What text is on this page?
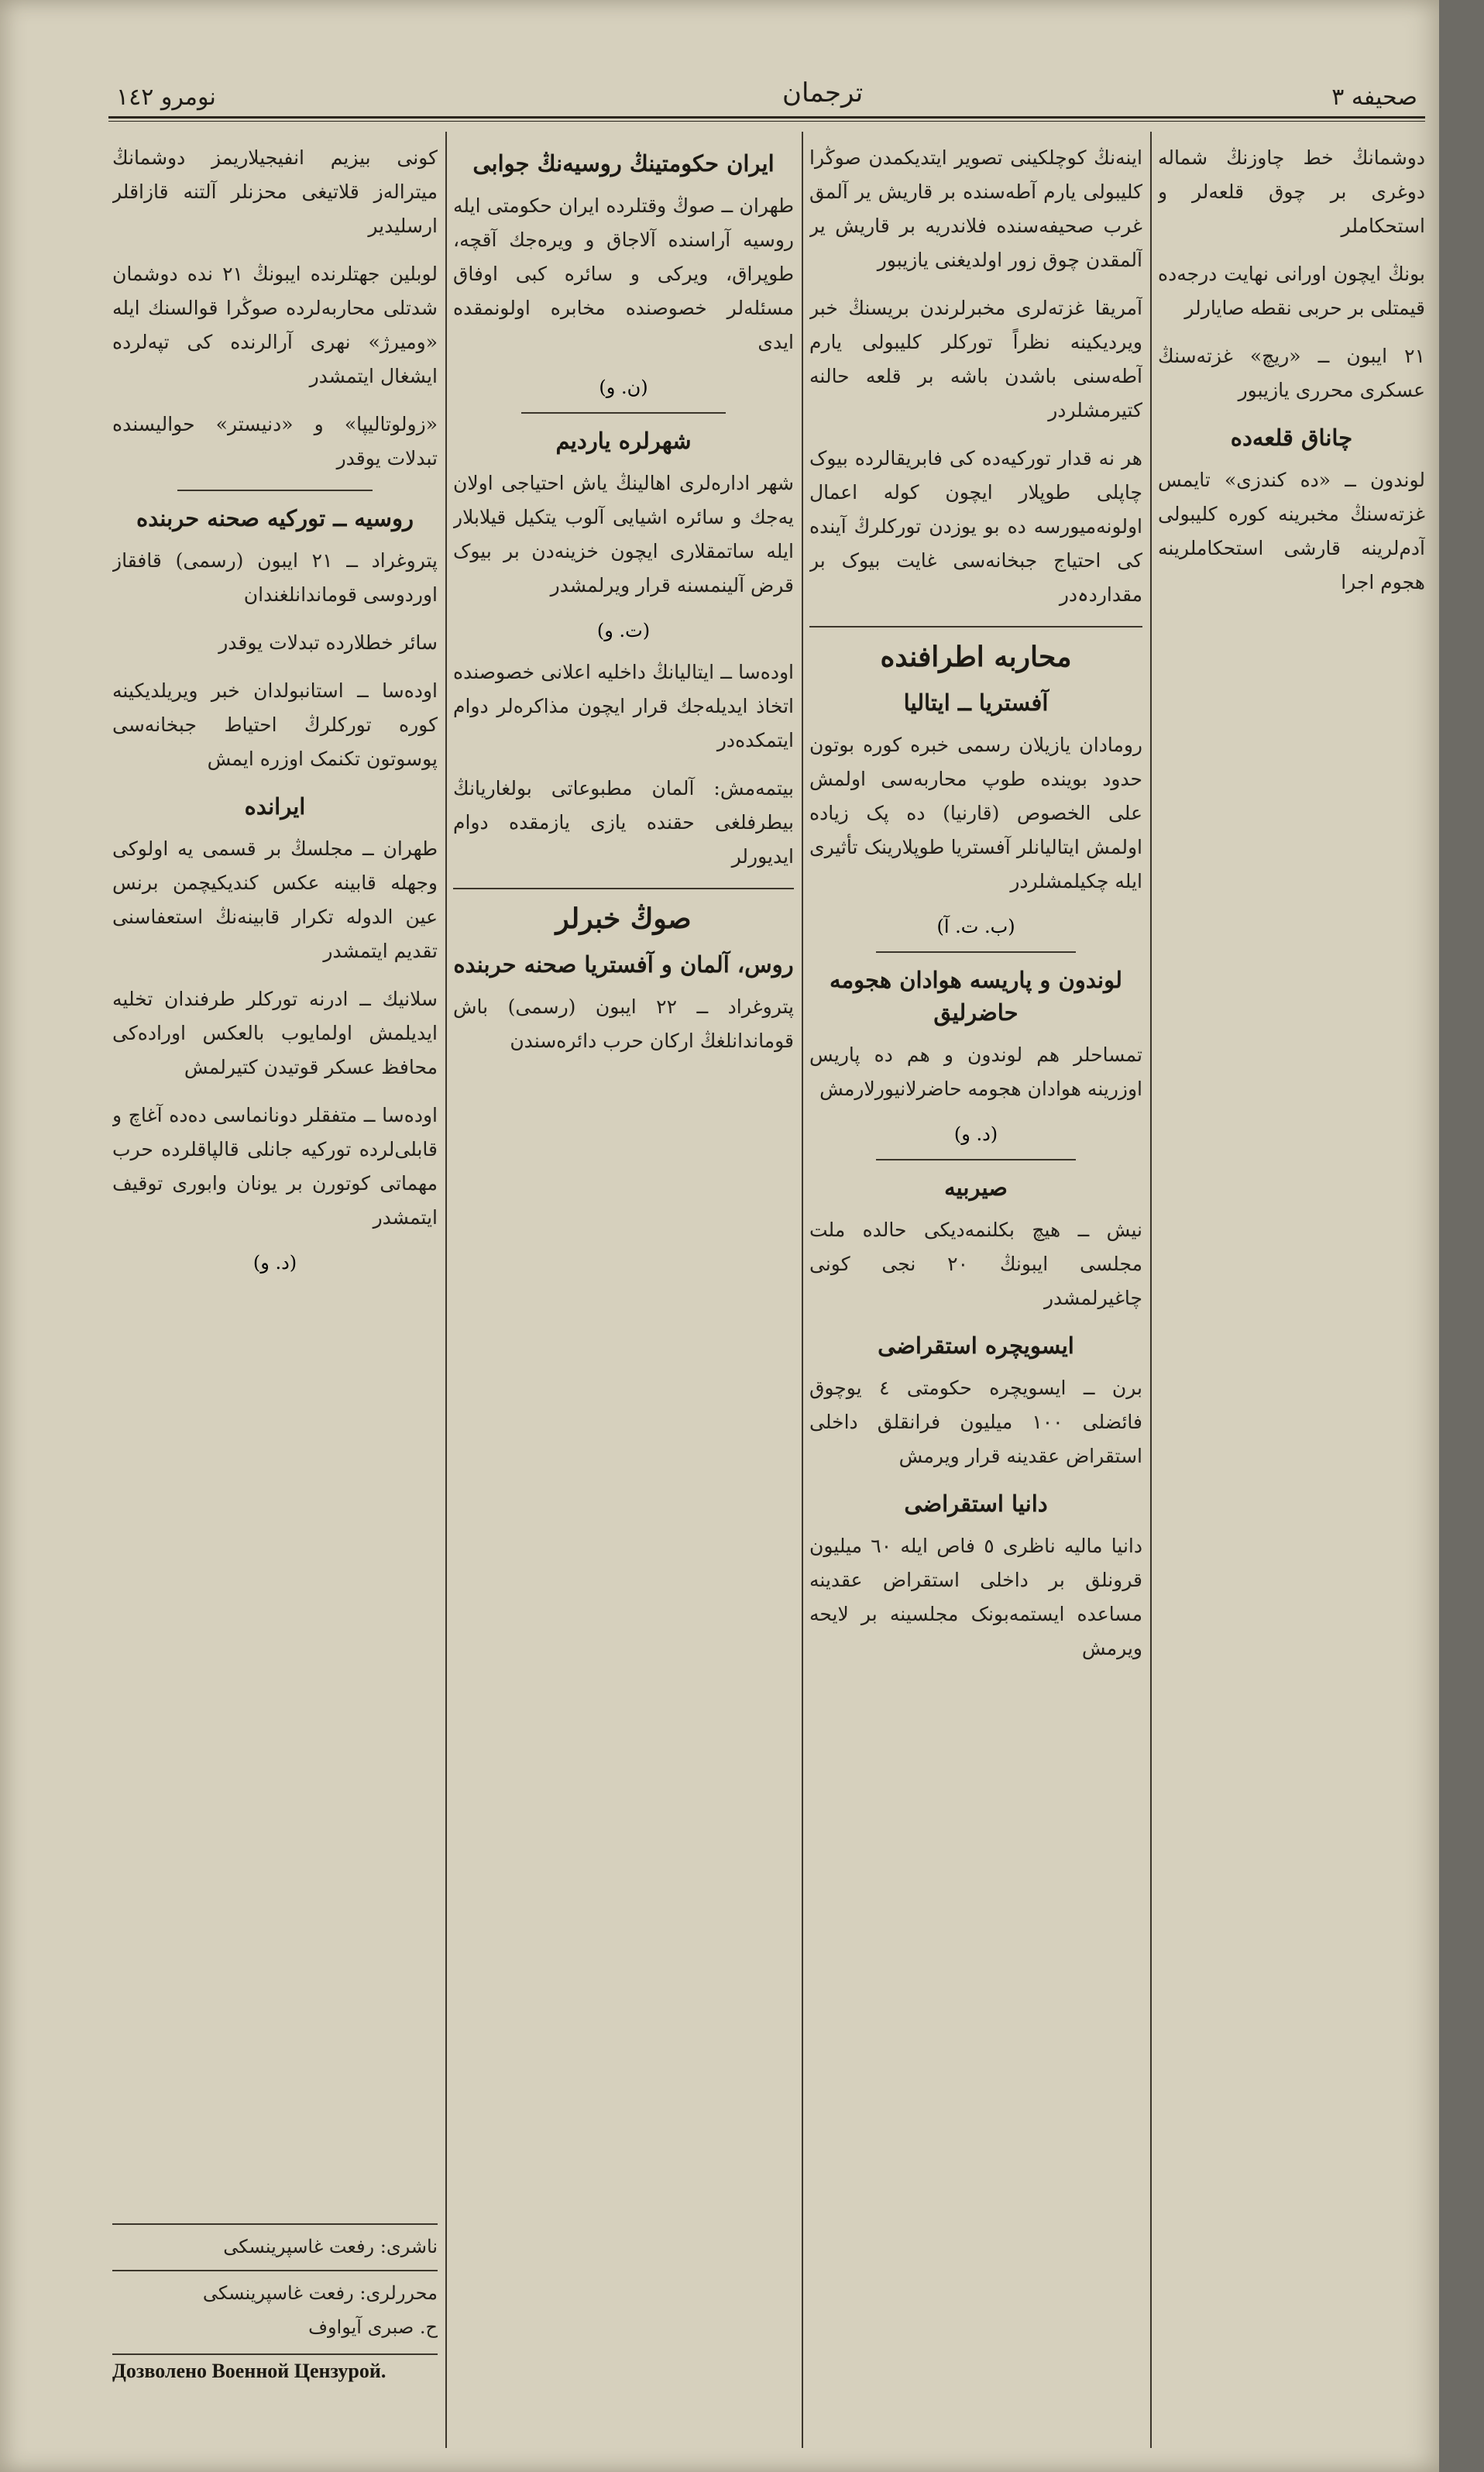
نومرو ١٤٢	ترجمان	صحیفه ۳

دوشمانڭ خط چاوزنڭ شماله دوغری بر چوق قلعه‌لر و استحکاملر

بونڭ ایچون اورانی نهایت درجه‌ده قیمتلی بر حربی نقطه صایارلر

۲۱ ایبون ــ «ریچ» غزته‌سنڭ عسکری محرری یازیبور

چاناق قلعه‌ده

لوندون ــ «ده کندزی» تایمس غزته‌سنڭ مخبرینه کوره کلیبولی آدم‌لرینه قارشی استحکاملرینه هجوم اجرا

اینه‌نڭ کوچلکینی تصویر ایتدیکمدن صوڭرا کلیبولی یارم آطه‌سنده بر قاریش یر آلمق غرب صحیفه‌سنده فلاندریه بر قاریش یر آلمقدن چوق زور اولدیغنی یازیبور

آمریقا غزته‌لری مخبرلرندن بریسنڭ خبر ویردیکینه نظراً تورکلر کلیبولی یارم آطه‌سنی باشدن باشه بر قلعه حالنه کتیرمشلردر

هر نه قدار تورکیه‌ده کی فابریقالرده بیوک چاپلی طوپلار ایچون کوله اعمال اولونه‌میورسه ده بو یوزدن تورکلرڭ آینده کی احتیاج جبخانه‌سی غایت بیوک بر مقداردہ‌در

محاربه اطرافنده
آفستریا ــ ایتالیا

رومادان یازیلان رسمی خبره کوره بوتون حدود بوینده طوپ محاربه‌سی اولمش علی الخصوص (قارنیا) ده پک زیاده اولمش ایتالیانلر آفستریا طوپلارینک تأثیری ایله چکیلمشلردر

(ب. ت. آ)
لوندون و پاریسه هوادان هجومه حاضرلیق

تمساحلر هم لوندون و هم ده پاریس اوزرینه هوادان هجومه حاضرلانیورلارمش

(د. و)
صیربیه

نیش ــ هیچ بکلنمه‌دیکی حالده ملت مجلسی ایبونڭ ۲۰ نجی کونی چاغیرلمشدر

ایسویچره استقراضی

برن ــ ایسویچره حکومتی ٤ یوچوق فائضلی ١٠٠ میلیون فرانقلق داخلی استقراض عقدینه قرار ویرمش

دانیا استقراضی

دانیا مالیه ناظری ٥ فاص ایله ٦٠ میلیون قرونلق بر داخلی استقراض عقدینه مساعده ایستمه‌بونک مجلسینه بر لایحه ویرمش

ایران حکومتینڭ روسیه‌نڭ جوابی

طهران ــ صوڭ وقتلرده ایران حکومتی ایله روسیه آراسنده آلاجاق و ویره‌جك آقچه، طوپراق، ویرکی و سائره کبی اوفاق مسئله‌لر خصوصنده مخابره اولونمقده ایدی

(ن. و)
شهرلره یاردیم

شهر اداره‌لری اهالینڭ یاش احتیاجی اولان یه‌جك و سائره اشیایی آلوب یتکیل قیلابلار ایله ساتمقلاری ایچون خزینه‌دن بر بیوک قرض آلینمسنه قرار ویرلمشدر

(ت. و)

اوده‌سا ــ ایتالیانڭ داخلیه اعلانی خصوصنده اتخاذ ایدیله‌جك قرار ایچون مذاکره‌لر دوام ایتمکده‌در

بیتمه‌مش: آلمان مطبوعاتی بولغاریانڭ بیطرفلغی حقنده یازی یازمقده دوام ایدیورلر

صوڭ خبرلر
روس، آلمان و آفستریا صحنه حربنده

پتروغراد ــ ۲۲ ایبون (رسمی) باش قوماندانلغڭ اركان حرب دائره‌سندن

کونی بیزیم انفیجیلاریمز دوشمانڭ میتراله‌ز قلاتیغی محزنلر آلتنه قازاقلر ارسلیدیر

لوبلین جهتلرنده ایبونڭ ۲۱ نده دوشمان شدتلی محاربه‌لرده صوڭرا قوالسنك ایله «ومیرژ» نهری آرالرنده کی تپه‌لرده ایشغال ایتمشدر

«زولوتالیپا» و «دنیستر» حوالیسنده تبدلات یوقدر

روسیه ــ تورکیه صحنه حربنده

پتروغراد ــ ۲۱ ایبون (رسمی) قافقاز اوردوسی قوماندانلغندان

سائر خطلارده تبدلات یوقدر

اوده‌سا ــ استانبولدان خبر ویریلدیکینه کوره تورکلرڭ احتیاط جبخانه‌سی پوسوتون تکنمک اوزره ایمش

ایرانده

طهران ــ مجلسڭ بر قسمی یه اولوکی وجهله قابینه عکس کندیکیچمن برنس عین الدوله تکرار قابینه‌نڭ استعفاسنی تقدیم ایتمشدر

سلانیك ــ ادرنه تورکلر طرفندان تخلیه ایدیلمش اولمایوب بالعکس اوراده‌کی محافظ عسکر قوتیدن کتیرلمش

اوده‌سا ــ متفقلر دونانماسی ده‌ده آغاچ و قابلی‌لرده تورکیه جانلی قالپاقلرده حرب مهماتی کوتورن بر یونان وابوری توقیف ایتمشدر

(د. و)
ناشری: رفعت غاسپرینسکی
محررلری: رفعت غاسپرینسکی
ح. صبری آیواوف
Дозволено Военной Цензурой.
